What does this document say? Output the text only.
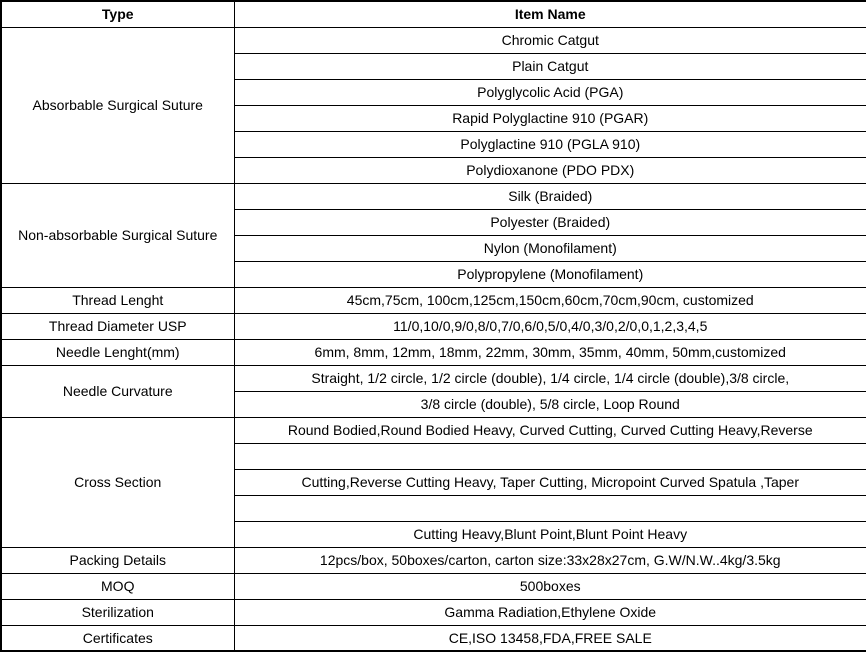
Type	Item Name
Absorbable Surgical Suture	Chromic Catgut
	Plain Catgut
	Polyglycolic Acid (PGA)
	Rapid Polyglactine 910 (PGAR)
	Polyglactine 910 (PGLA 910)
	Polydioxanone (PDO PDX)
Non-absorbable Surgical Suture	Silk (Braided)
	Polyester (Braided)
	Nylon (Monofilament)
	Polypropylene (Monofilament)
Thread Lenght	45cm,75cm, 100cm,125cm,150cm,60cm,70cm,90cm, customized
Thread Diameter USP	11/0,10/0,9/0,8/0,7/0,6/0,5/0,4/0,3/0,2/0,0,1,2,3,4,5
Needle Lenght(mm)	6mm, 8mm, 12mm, 18mm, 22mm, 30mm, 35mm, 40mm, 50mm,customized
Needle Curvature	Straight, 1/2 circle, 1/2 circle (double), 1/4 circle, 1/4 circle (double),3/8 circle,
	3/8 circle (double), 5/8 circle, Loop Round
Cross Section	Round Bodied,Round Bodied Heavy, Curved Cutting, Curved Cutting Heavy,Reverse

	Cutting,Reverse Cutting Heavy, Taper Cutting, Micropoint Curved Spatula ,Taper

	Cutting Heavy,Blunt Point,Blunt Point Heavy
Packing Details	12pcs/box, 50boxes/carton, carton size:33x28x27cm, G.W/N.W..4kg/3.5kg
MOQ	500boxes
Sterilization	Gamma Radiation,Ethylene Oxide
Certificates	CE,ISO 13458,FDA,FREE SALE
